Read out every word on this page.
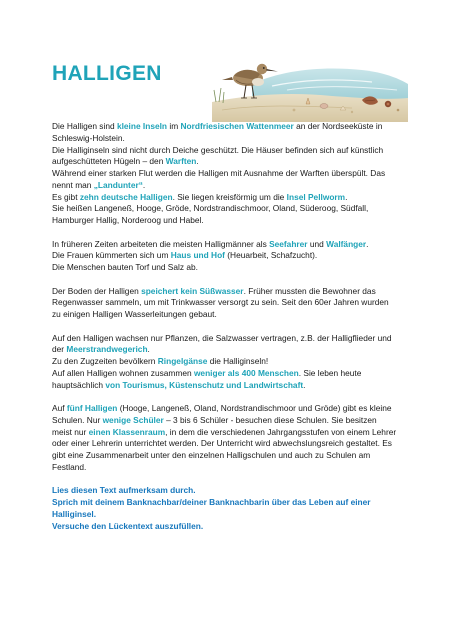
HALLIGEN

Die Halligen sind kleine Inseln im Nordfriesischen Wattenmeer an der Nordseeküste in Schleswig-Holstein.
Die Halliginseln sind nicht durch Deiche geschützt. Die Häuser befinden sich auf künstlich aufgeschütteten Hügeln – den Warften.
Während einer starken Flut werden die Halligen mit Ausnahme der Warften überspült. Das nennt man „Landunter“.
Es gibt zehn deutsche Halligen. Sie liegen kreisförmig um die Insel Pellworm.
Sie heißen Langeneß, Hooge, Gröde, Nordstrandischmoor, Oland, Süderoog, Südfall, Hamburger Hallig, Norderoog und Habel.

In früheren Zeiten arbeiteten die meisten Halligmänner als Seefahrer und Walfänger.
Die Frauen kümmerten sich um Haus und Hof (Heuarbeit, Schafzucht).
Die Menschen bauten Torf und Salz ab.

Der Boden der Halligen speichert kein Süßwasser. Früher mussten die Bewohner das Regenwasser sammeln, um mit Trinkwasser versorgt zu sein. Seit den 60er Jahren wurden zu einigen Halligen Wasserleitungen gebaut.

Auf den Halligen wachsen nur Pflanzen, die Salzwasser vertragen, z.B. der Halligflieder und der Meerstrandwegerich.
Zu den Zugzeiten bevölkern Ringelgänse die Halliginseln!
Auf allen Halligen wohnen zusammen weniger als 400 Menschen. Sie leben heute hauptsächlich von Tourismus, Küstenschutz und Landwirtschaft.

Auf fünf Halligen (Hooge, Langeneß, Oland, Nordstrandischmoor und Gröde) gibt es kleine Schulen. Nur wenige Schüler – 3 bis 6 Schüler - besuchen diese Schulen. Sie besitzen meist nur einen Klassenraum, in dem die verschiedenen Jahrgangsstufen von einem Lehrer oder einer Lehrerin unterrichtet werden. Der Unterricht wird abwechslungsreich gestaltet. Es gibt eine Zusammenarbeit unter den einzelnen Halligschulen und auch zu Schulen am Festland.

Lies diesen Text aufmerksam durch.
Sprich mit deinem Banknachbar/deiner Banknachbarin über das Leben auf einer Halliginsel.
Versuche den Lückentext auszufüllen.
